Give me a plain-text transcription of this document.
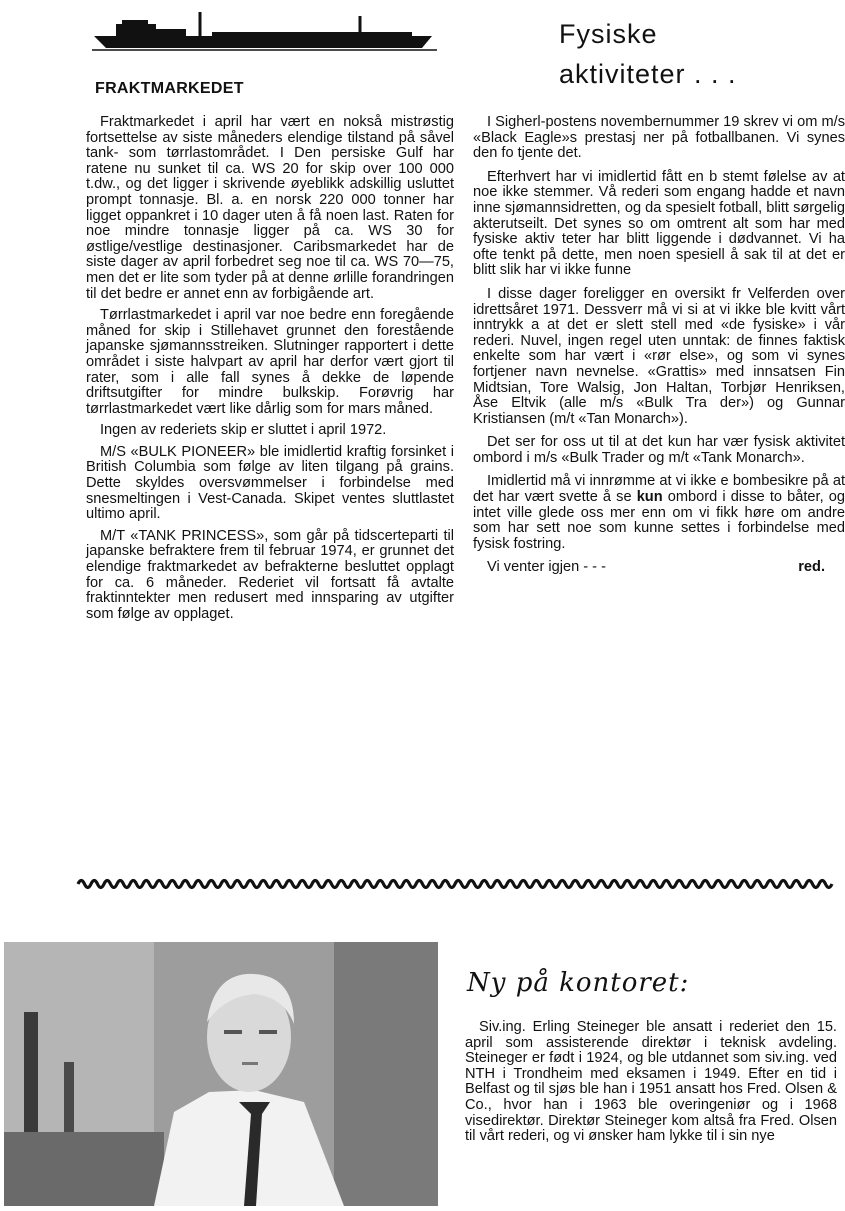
FRAKTMARKEDET
Fysiske aktiviteter . . .

Fraktmarkedet i april har vært en nokså mistrøstig fortsettelse av siste måneders elendige tilstand på såvel tank- som tørrlastområdet. I Den persiske Gulf har ratene nu sunket til ca. WS 20 for skip over 100 000 t.dw., og det ligger i skrivende øyeblikk adskillig usluttet prompt tonnasje. Bl. a. en norsk 220 000 tonner har ligget oppankret i 10 dager uten å få noen last. Raten for noe mindre tonnasje ligger på ca. WS 30 for østlige/vestlige destinasjoner. Caribsmarkedet har de siste dager av april forbedret seg noe til ca. WS 70—75, men det er lite som tyder på at denne ørlille forandringen til det bedre er annet enn av forbigående art.

Tørrlastmarkedet i april var noe bedre enn foregående måned for skip i Stillehavet grunnet den forestående japanske sjømannsstreiken. Slutninger rapportert i dette området i siste halvpart av april har derfor vært gjort til rater, som i alle fall synes å dekke de løpende driftsutgifter for mindre bulkskip. Forøvrig har tørrlastmarkedet vært like dårlig som for mars måned.

Ingen av rederiets skip er sluttet i april 1972.

M/S «BULK PIONEER» ble imidlertid kraftig forsinket i British Columbia som følge av liten tilgang på grains. Dette skyldes oversvømmelser i forbindelse med snesmeltingen i Vest-Canada. Skipet ventes sluttlastet ultimo april.

M/T «TANK PRINCESS», som går på tidscerteparti til japanske befraktere frem til februar 1974, er grunnet det elendige fraktmarkedet av befrakterne besluttet opplagt for ca. 6 måneder. Rederiet vil fortsatt få avtalte fraktinntekter men redusert med innsparing av utgifter som følge av opplaget.

I Sigherl-postens novembernummer 19 skrev vi om m/s «Black Eagle»s prestasj ner på fotballbanen. Vi synes den fo tjente det.

Efterhvert har vi imidlertid fått en b stemt følelse av at noe ikke stemmer. Vå rederi som engang hadde et navn inne sjømannsidretten, og da spesielt fotball, blitt sørgelig akterutseilt. Det synes so om omtrent alt som har med fysiske aktiv teter har blitt liggende i dødvannet. Vi ha ofte tenkt på dette, men noen spesiell å sak til at det er blitt slik har vi ikke funne

I disse dager foreligger en oversikt fr Velferden over idrettsåret 1971. Dessverr må vi si at vi ikke ble kvitt vårt inntrykk a at det er slett stell med «de fysiske» i vår rederi. Nuvel, ingen regel uten unntak: de finnes faktisk enkelte som har vært i «rør else», og som vi synes fortjener navn nevnelse. «Grattis» med innsatsen Fin Midtsian, Tore Walsig, Jon Haltan, Torbjør Henriksen, Åse Eltvik (alle m/s «Bulk Tra der») og Gunnar Kristiansen (m/t «Tan Monarch»).

Det ser for oss ut til at det kun har vær fysisk aktivitet ombord i m/s «Bulk Trader og m/t «Tank Monarch».

Imidlertid må vi innrømme at vi ikke e bombesikre på at det har vært svette å se kun ombord i disse to båter, og intet ville glede oss mer enn om vi fikk høre om andre som har sett noe som kunne settes i forbindelse med fysisk fostring.

Vi venter igjen - - -	red.
Ny på kontoret:

Siv.ing. Erling Steineger ble ansatt i rederiet den 15. april som assisterende direktør i teknisk avdeling. Steineger er født i 1924, og ble utdannet som siv.ing. ved NTH i Trondheim med eksamen i 1949. Efter en tid i Belfast og til sjøs ble han i 1951 ansatt hos Fred. Olsen & Co., hvor han i 1963 ble overingeniør og i 1968 visedirektør. Direktør Steineger kom altså fra Fred. Olsen til vårt rederi, og vi ønsker ham lykke til i sin nye
